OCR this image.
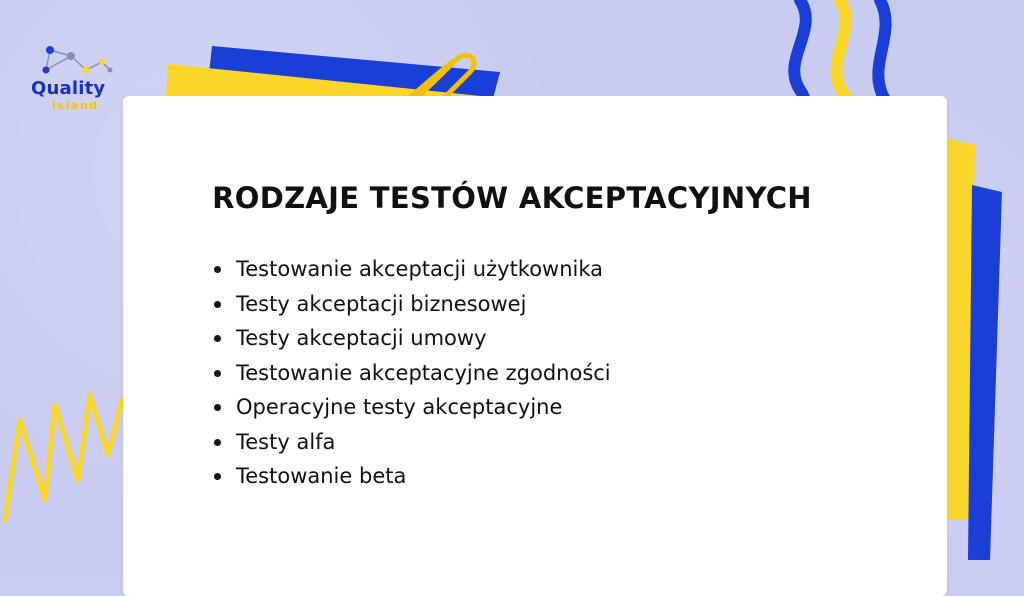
Quality
Island
RODZAJE TESTÓW AKCEPTACYJNYCH
Testowanie akceptacji użytkownika
Testy akceptacji biznesowej
Testy akceptacji umowy
Testowanie akceptacyjne zgodności
Operacyjne testy akceptacyjne
Testy alfa
Testowanie beta
